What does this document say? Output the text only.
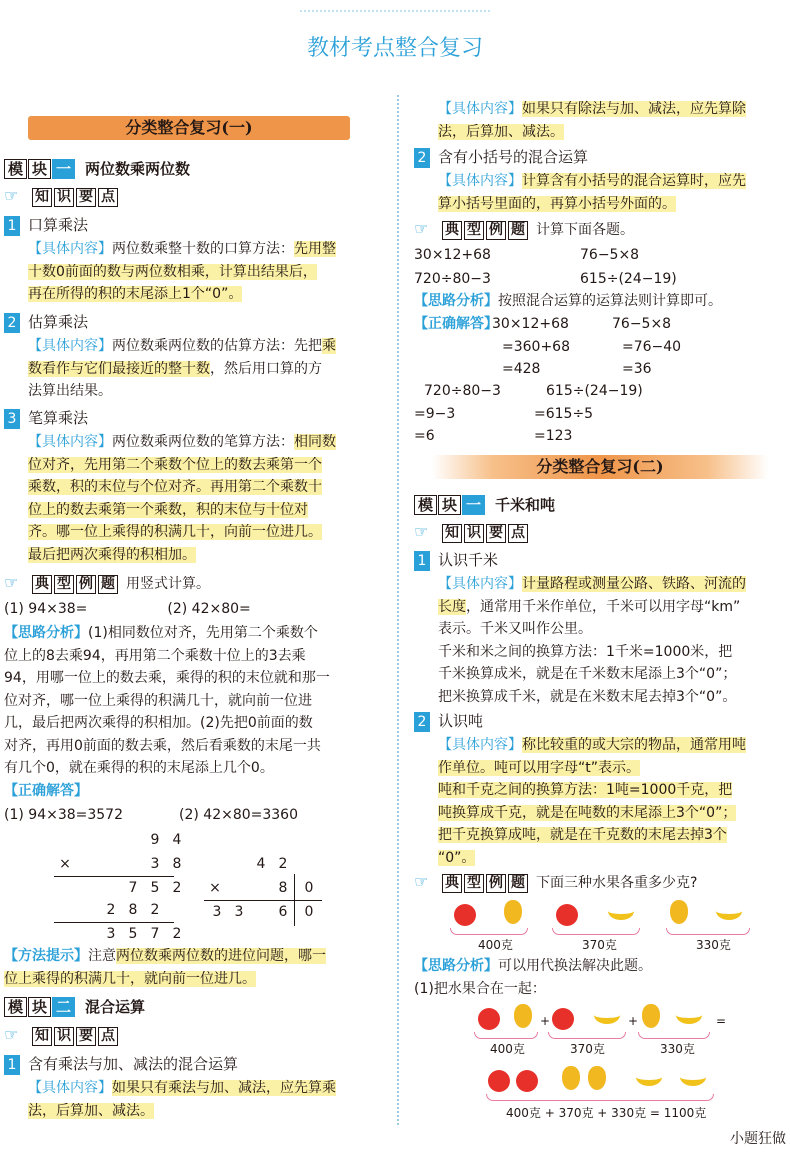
教材考点整合复习
分类整合复习(一)
模 块 一 两位数乘两位数
☞ 知 识 要 点
1 口算乘法
【具体内容】两位数乘整十数的口算方法：先用整
十数0前面的数与两位数相乘，计算出结果后，
再在所得的积的末尾添上1个“0”。
2 估算乘法
【具体内容】两位数乘两位数的估算方法：先把乘
数看作与它们最接近的整十数，然后用口算的方
法算出结果。
3 笔算乘法
【具体内容】两位数乘两位数的笔算方法：相同数
位对齐，先用第二个乘数个位上的数去乘第一个
乘数，积的末位与个位对齐。再用第二个乘数十
位上的数去乘第一个乘数，积的末位与十位对
齐。哪一位上乘得的积满几十，向前一位进几。
最后把两次乘得的积相加。
☞ 典 型 例 题 用竖式计算。
(1) 94×38=	(2) 42×80=
【思路分析】(1)相同数位对齐，先用第二个乘数个
位上的8去乘94，再用第二个乘数十位上的3去乘
94，用哪一位上的数去乘，乘得的积的末位就和那一
位对齐，哪一位上乘得的积满几十，就向前一位进
几，最后把两次乘得的积相加。(2)先把0前面的数
对齐，再用0前面的数去乘，然后看乘数的末尾一共
有几个0，就在乘得的积的末尾添上几个0。
【正确解答】
(1) 94×38=3572	(2) 42×80=3360
9 4
×	3 8
7 5 2
2 8 2
3 5 7 2
4 2
×	8	0
3 3	6	0
【方法提示】注意两位数乘两位数的进位问题，哪一
位上乘得的积满几十，就向前一位进几。
模 块 二 混合运算
☞ 知 识 要 点
1 含有乘法与加、减法的混合运算
【具体内容】如果只有乘法与加、减法，应先算乘
法，后算加、减法。
【具体内容】如果只有除法与加、减法，应先算除
法，后算加、减法。
2 含有小括号的混合运算
【具体内容】计算含有小括号的混合运算时，应先
算小括号里面的，再算小括号外面的。
☞ 典 型 例 题 计算下面各题。
30×12+68	76−5×8
720÷80−3	615÷(24−19)
【思路分析】按照混合运算的运算法则计算即可。
【正确解答】
30×12+68
=360+68
=428
76−5×8
=76−40
=36
720÷80−3
=9−3
=6
615÷(24−19)
=615÷5
=123
分类整合复习(二)
模 块 一 千米和吨
☞ 知 识 要 点
1 认识千米
【具体内容】计量路程或测量公路、铁路、河流的
长度，通常用千米作单位，千米可以用字母“km”
表示。千米又叫作公里。
千米和米之间的换算方法：1千米=1000米，把
千米换算成米，就是在千米数末尾添上3个“0”；
把米换算成千米，就是在米数末尾去掉3个“0”。
2 认识吨
【具体内容】称比较重的或大宗的物品，通常用吨
作单位。吨可以用字母“t”表示。
吨和千克之间的换算方法：1吨=1000千克，把
吨换算成千克，就是在吨数的末尾添上3个“0”；
把千克换算成吨，就是在千克数的末尾去掉3个
“0”。
☞ 典 型 例 题 下面三种水果各重多少克?
400克	370克	330克
【思路分析】可以用代换法解决此题。
(1)把水果合在一起：
400克
+
370克
+
330克
=
400克 + 370克 + 330克 = 1100克
小题狂做
